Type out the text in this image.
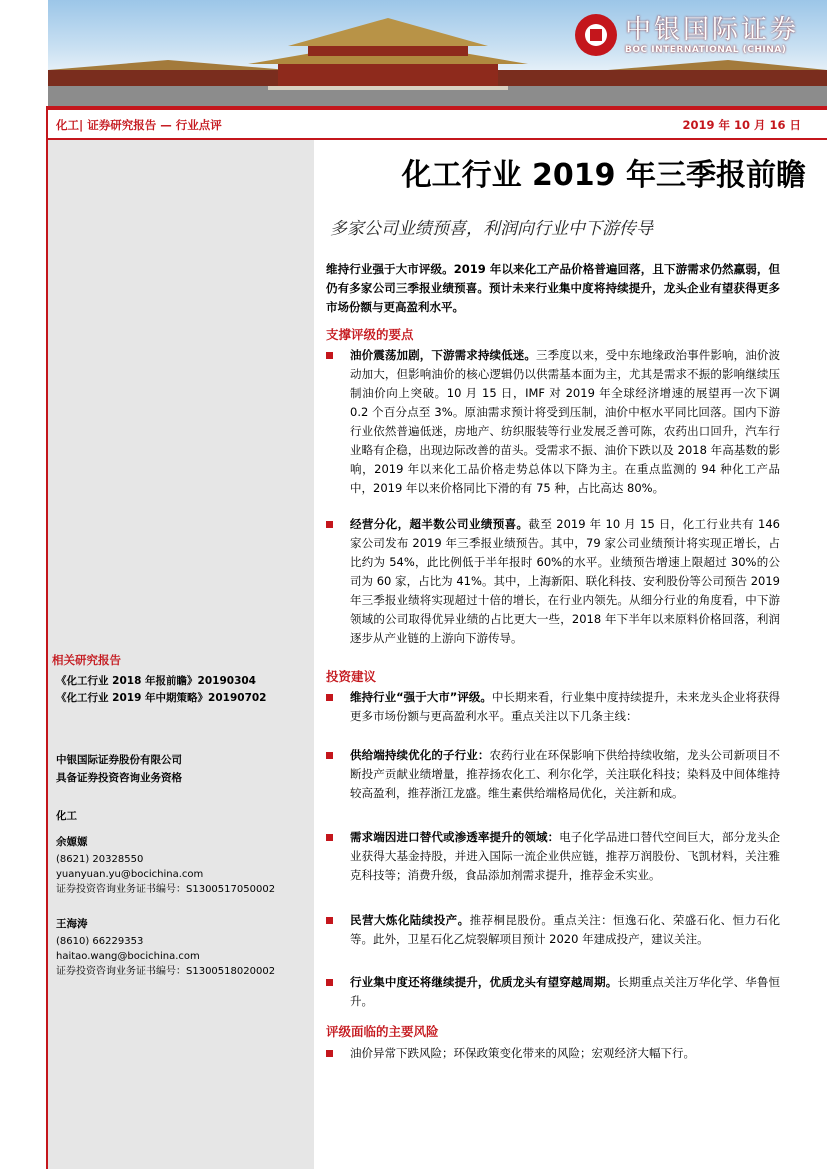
中银国际证券
BOC INTERNATIONAL (CHINA)
化工| 证券研究报告 — 行业点评	2019 年 10 月 16 日
化工行业 2019 年三季报前瞻
多家公司业绩预喜，利润向行业中下游传导
维持行业强于大市评级。2019 年以来化工产品价格普遍回落，且下游需求仍然羸弱，但仍有多家公司三季报业绩预喜。预计未来行业集中度将持续提升，龙头企业有望获得更多市场份额与更高盈利水平。
支撑评级的要点
油价震荡加剧，下游需求持续低迷。三季度以来，受中东地缘政治事件影响，油价波动加大，但影响油价的核心逻辑仍以供需基本面为主，尤其是需求不振的影响继续压制油价向上突破。10 月 15 日，IMF 对 2019 年全球经济增速的展望再一次下调 0.2 个百分点至 3%。原油需求预计将受到压制，油价中枢水平同比回落。国内下游行业依然普遍低迷，房地产、纺织服装等行业发展乏善可陈，农药出口回升，汽车行业略有企稳，出现边际改善的苗头。受需求不振、油价下跌以及 2018 年高基数的影响，2019 年以来化工品价格走势总体以下降为主。在重点监测的 94 种化工产品中，2019 年以来价格同比下滑的有 75 种，占比高达 80%。
经营分化，超半数公司业绩预喜。截至 2019 年 10 月 15 日，化工行业共有 146 家公司发布 2019 年三季报业绩预告。其中，79 家公司业绩预计将实现正增长，占比约为 54%，此比例低于半年报时 60%的水平。业绩预告增速上限超过 30%的公司为 60 家，占比为 41%。其中，上海新阳、联化科技、安利股份等公司预告 2019 年三季报业绩将实现超过十倍的增长，在行业内领先。从细分行业的角度看，中下游领域的公司取得优异业绩的占比更大一些，2018 年下半年以来原料价格回落，利润逐步从产业链的上游向下游传导。
投资建议
维持行业“强于大市”评级。中长期来看，行业集中度持续提升，未来龙头企业将获得更多市场份额与更高盈利水平。重点关注以下几条主线：
供给端持续优化的子行业：农药行业在环保影响下供给持续收缩，龙头公司新项目不断投产贡献业绩增量，推荐扬农化工、利尔化学，关注联化科技；染料及中间体维持较高盈利，推荐浙江龙盛。维生素供给端格局优化，关注新和成。
需求端因进口替代或渗透率提升的领域：电子化学品进口替代空间巨大，部分龙头企业获得大基金持股，并进入国际一流企业供应链，推荐万润股份、飞凯材料，关注雅克科技等；消费升级，食品添加剂需求提升，推荐金禾实业。
民营大炼化陆续投产。推荐桐昆股份。重点关注：恒逸石化、荣盛石化、恒力石化等。此外，卫星石化乙烷裂解项目预计 2020 年建成投产，建议关注。
行业集中度还将继续提升，优质龙头有望穿越周期。长期重点关注万华化学、华鲁恒升。
评级面临的主要风险
油价异常下跌风险；环保政策变化带来的风险；宏观经济大幅下行。
相关研究报告
《化工行业 2018 年报前瞻》20190304
《化工行业 2019 年中期策略》20190702
中银国际证券股份有限公司
具备证券投资咨询业务资格
化工
余嫄嫄
(8621) 20328550
yuanyuan.yu@bocichina.com
证券投资咨询业务证书编号：S1300517050002
王海涛
(8610) 66229353
haitao.wang@bocichina.com
证券投资咨询业务证书编号：S1300518020002
